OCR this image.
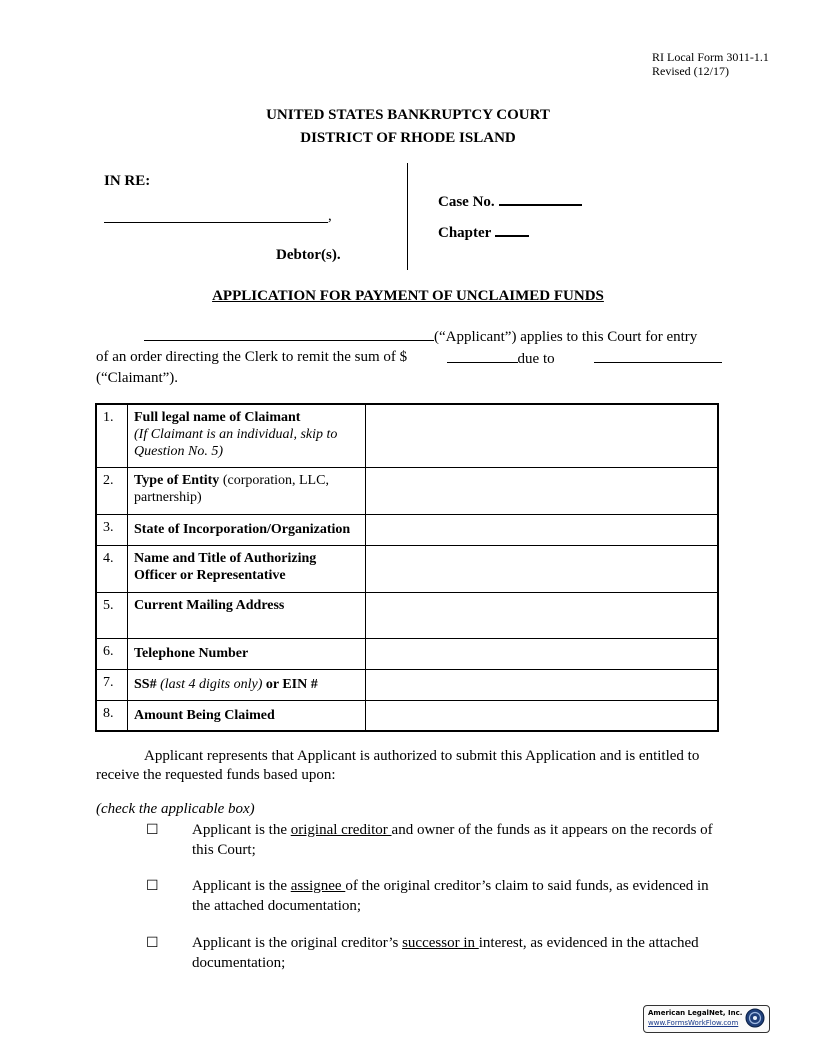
RI Local Form 3011-1.1
Revised (12/17)
UNITED STATES BANKRUPTCY COURT
DISTRICT OF RHODE ISLAND
IN RE:
,
Debtor(s).
Case No.
Chapter
APPLICATION FOR PAYMENT OF UNCLAIMED FUNDS
(“Applicant”) applies to this Court for entry
of an order directing the Clerk to remit the sum of $	due to
(“Claimant”).
1.	Full legal name of Claimant
(If Claimant is an individual, skip to Question No. 5)	
2.	Type of Entity (corporation, LLC, partnership)	
3.	State of Incorporation/Organization	
4.	Name and Title of Authorizing Officer or Representative	
5.	Current Mailing Address	
6.	Telephone Number	
7.	SS# (last 4 digits only) or EIN #	
8.	Amount Being Claimed	
Applicant represents that Applicant is authorized to submit this Application and is entitled to receive the requested funds based upon:
(check the applicable box)
☐ Applicant is the original creditor and owner of the funds as it appears on the records of this Court;
☐ Applicant is the assignee of the original creditor’s claim to said funds, as evidenced in the attached documentation;
☐ Applicant is the original creditor’s successor in interest, as evidenced in the attached documentation;
American LegalNet, Inc.
www.FormsWorkFlow.com
